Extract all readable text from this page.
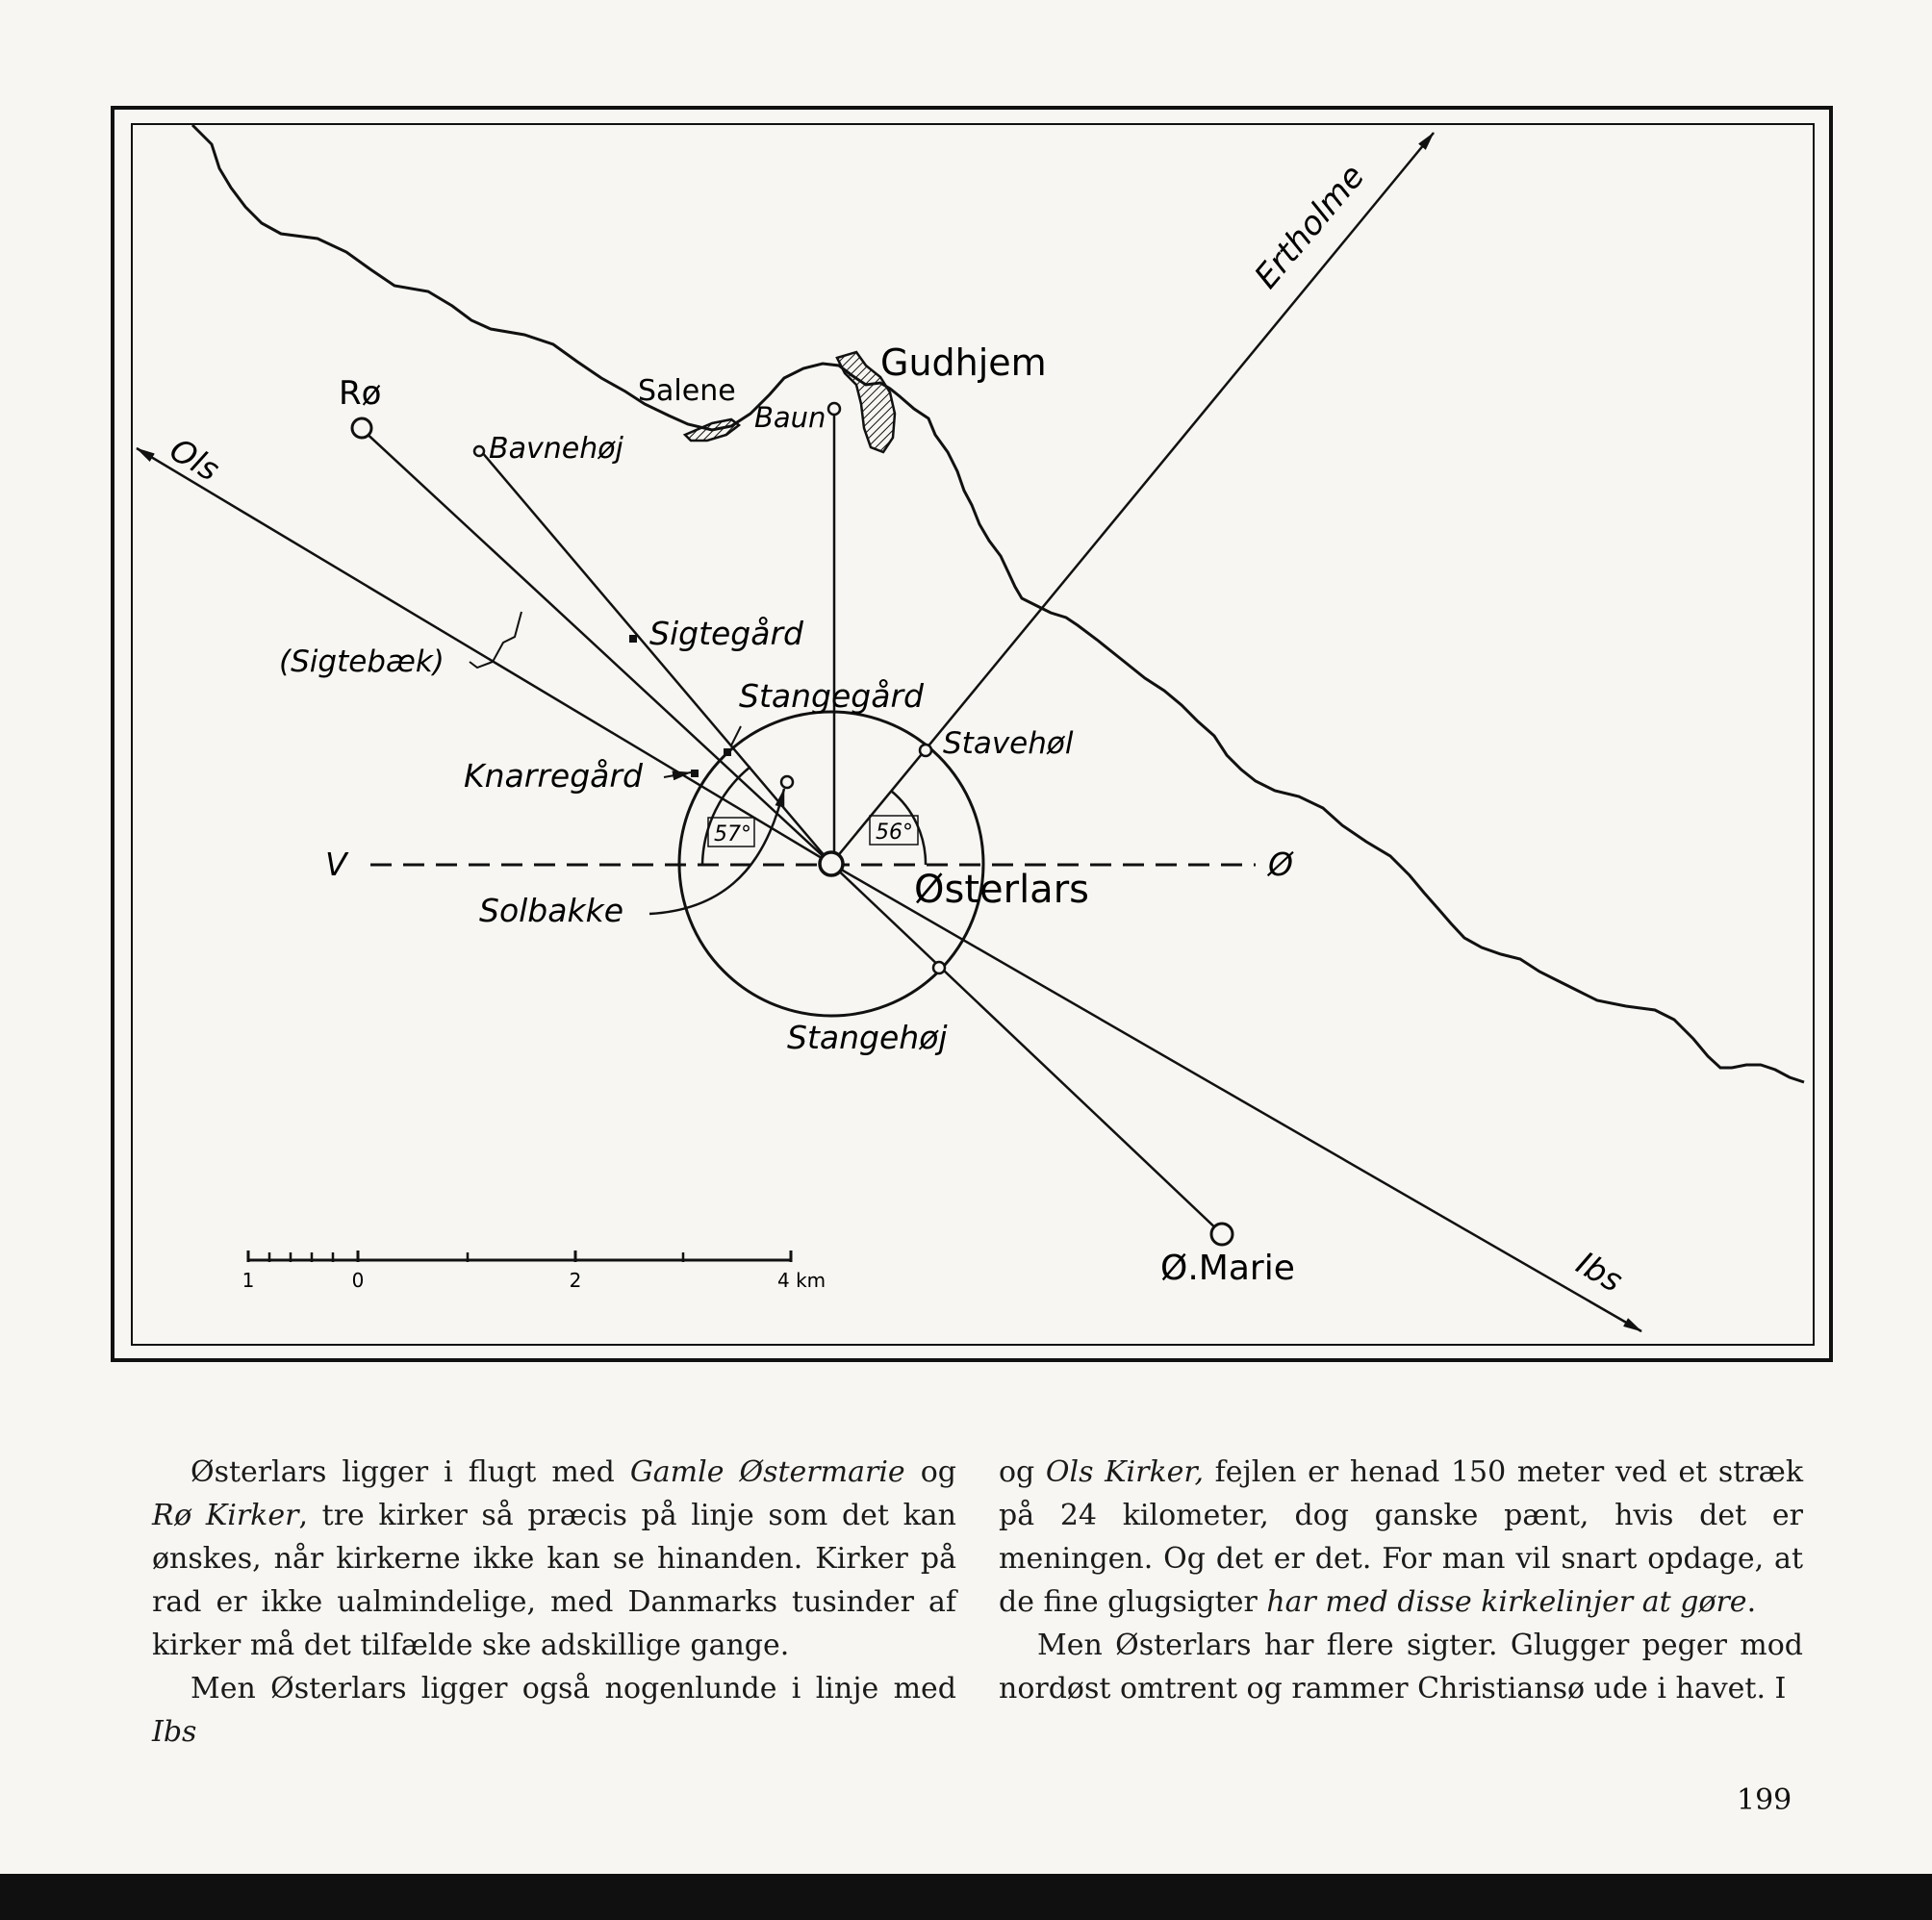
1	0	2	4 km
Gudhjem
Salene
Baun
Rø
Bavnehøj
Sigtegård
(Sigtebæk)
Stangegård
Knarregård
Stavehøl
Solbakke	Østerlars
Stangehøj
Ø.Marie
V	Ø
Ertholme
Ols
Ibs
57°	56°

Østerlars ligger i flugt med Gamle Østermarie og Rø Kirker, tre kirker så præcis på linje som det kan ønskes, når kirkerne ikke kan se hinanden. Kirker på rad er ikke ualmindelige, med Danmarks tusinder af kirker må det tilfælde ske adskillige gange.

Men Østerlars ligger også nogenlunde i linje med Ibs

og Ols Kirker, fejlen er henad 150 meter ved et stræk på 24 kilometer, dog ganske pænt, hvis det er meningen. Og det er det. For man vil snart opdage, at de fine glugsigter har med disse kirkelinjer at gøre.

Men Østerlars har flere sigter. Glugger peger mod nordøst omtrent og rammer Christiansø ude i havet. I

199
